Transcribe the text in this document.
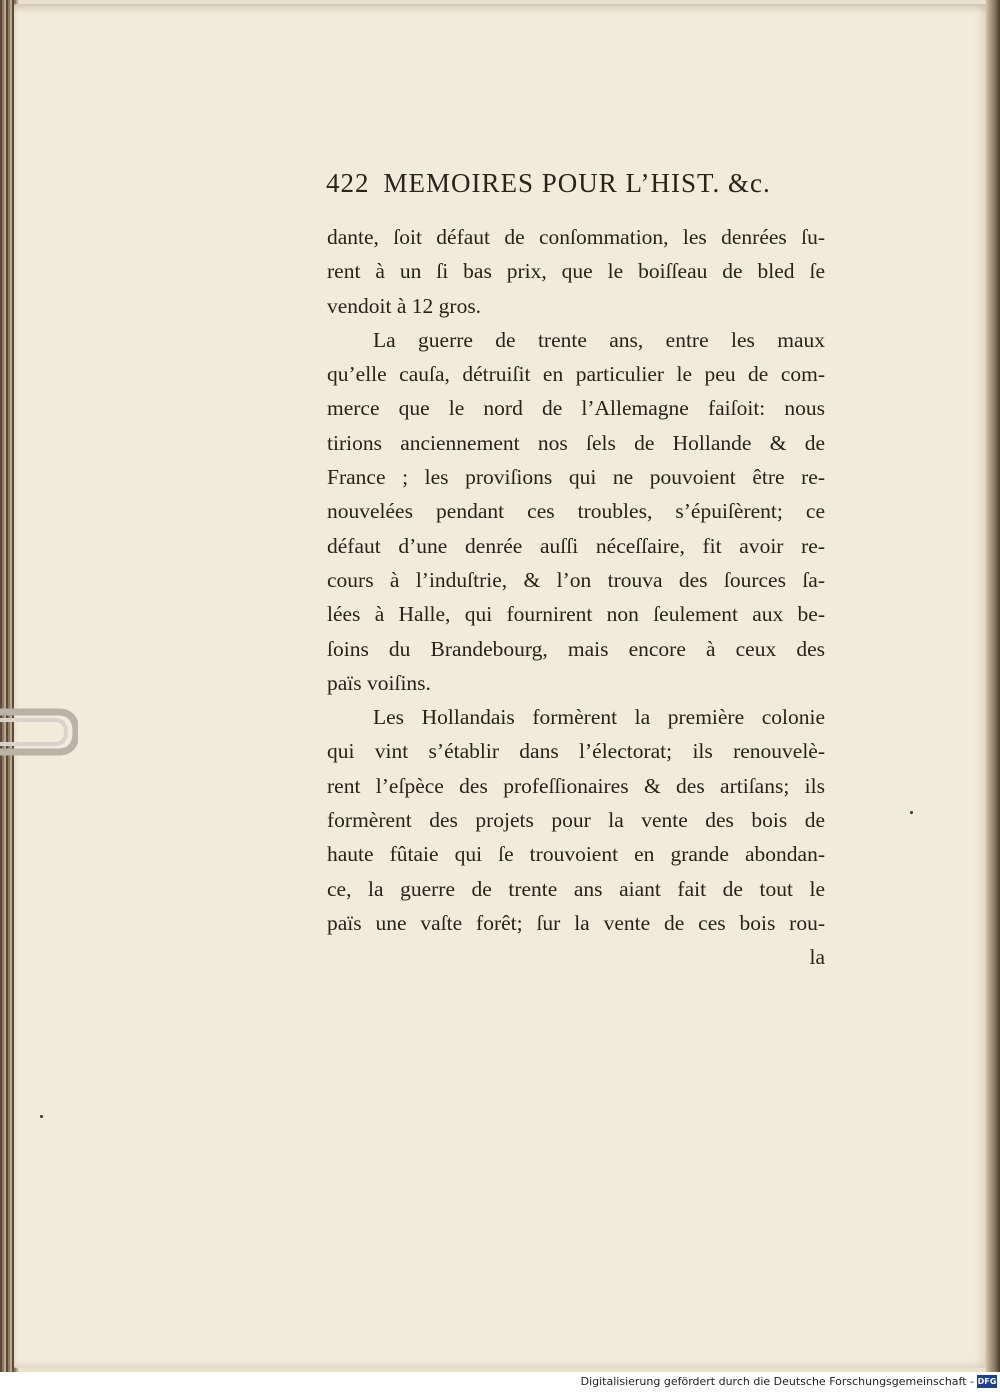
422 MEMOIRES POUR L’HIST. &c.
dante, ſoit défaut de conſommation, les denrées ſu-
rent à un ſi bas prix, que le boiſſeau de bled ſe
vendoit à 12 gros.
La guerre de trente ans, entre les maux
qu’elle cauſa, détruiſit en particulier le peu de com-
merce que le nord de l’Allemagne faiſoit: nous
tirions anciennement nos ſels de Hollande & de
France ; les proviſions qui ne pouvoient être re-
nouvelées pendant ces troubles, s’épuiſèrent; ce
défaut d’une denrée auſſi néceſſaire, fit avoir re-
cours à l’induſtrie, & l’on trouva des ſources ſa-
lées à Halle, qui fournirent non ſeulement aux be-
ſoins du Brandebourg, mais encore à ceux des
païs voiſins.
Les Hollandais formèrent la première colonie
qui vint s’établir dans l’électorat; ils renouvelè-
rent l’eſpèce des profeſſionaires & des artiſans; ils
formèrent des projets pour la vente des bois de
haute fûtaie qui ſe trouvoient en grande abondan-
ce, la guerre de trente ans aiant fait de tout le
païs une vaſte forêt; ſur la vente de ces bois rou-
la
Digitalisierung gefördert durch die Deutsche Forschungsgemeinschaft - DFG
